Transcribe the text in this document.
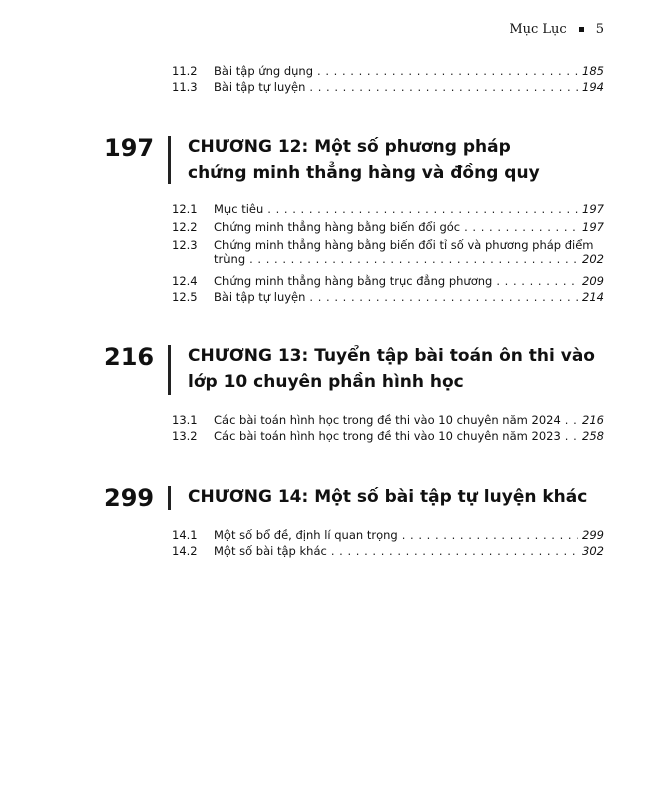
Mục Lục 5
11.2	Bài tập ứng dụng . . .	185
11.3	Bài tập tự luyện . . .	194
197 CHƯƠNG 12: Một số phương pháp
chứng minh thẳng hàng và đồng quy
12.1	Mục tiêu . . .	197
12.2	Chứng minh thẳng hàng bằng biến đổi góc . . .	197
12.3	Chứng minh thẳng hàng bằng biến đổi tỉ số và phương pháp điểm
trùng . . .	202
12.4	Chứng minh thẳng hàng bằng trục đẳng phương . . .	209
12.5	Bài tập tự luyện . . .	214
216 CHƯƠNG 13: Tuyển tập bài toán ôn thi vào
lớp 10 chuyên phần hình học
13.1	Các bài toán hình học trong đề thi vào 10 chuyên năm 2024 . . . 216
13.2	Các bài toán hình học trong đề thi vào 10 chuyên năm 2023 . . . 258
299 CHƯƠNG 14: Một số bài tập tự luyện khác
14.1	Một số bổ đề, định lí quan trọng . . .	299
14.2	Một số bài tập khác . . .	302
